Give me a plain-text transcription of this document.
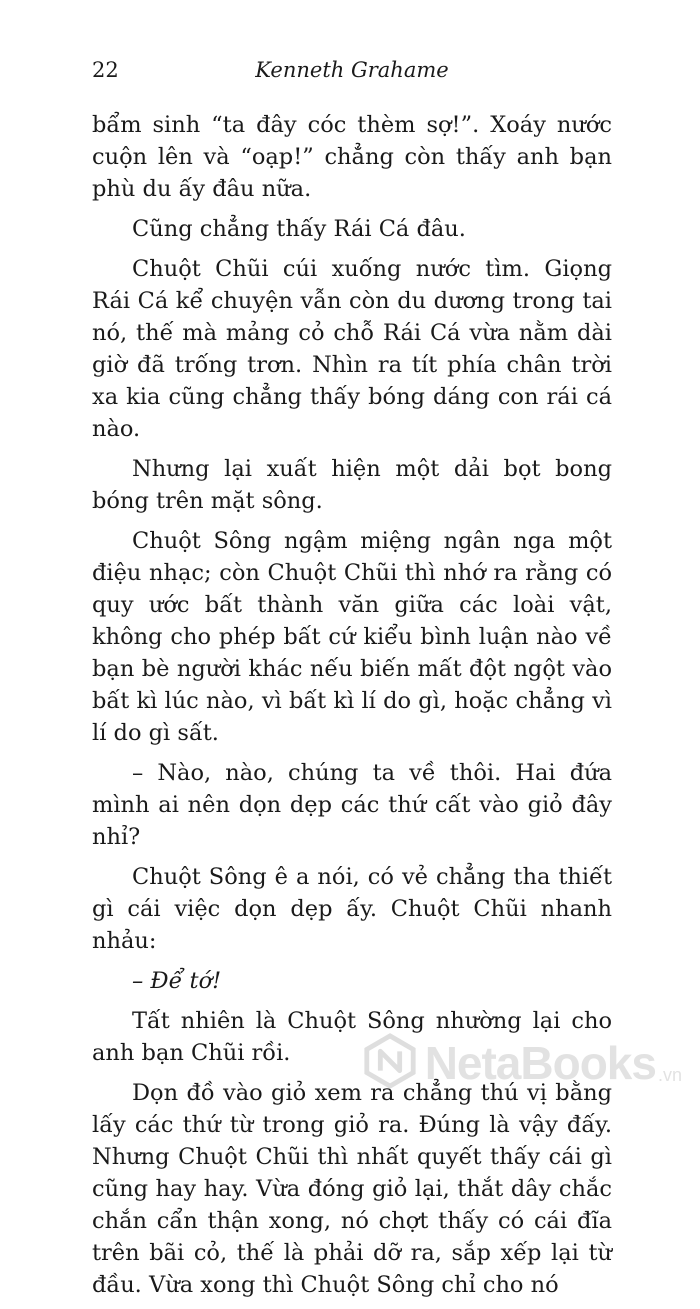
22	Kenneth Grahame

bẩm sinh “ta đây cóc thèm sợ!”. Xoáy nước cuộn lên và “oạp!” chẳng còn thấy anh bạn phù du ấy đâu nữa.

Cũng chẳng thấy Rái Cá đâu.

Chuột Chũi cúi xuống nước tìm. Giọng Rái Cá kể chuyện vẫn còn du dương trong tai nó, thế mà mảng cỏ chỗ Rái Cá vừa nằm dài giờ đã trống trơn. Nhìn ra tít phía chân trời xa kia cũng chẳng thấy bóng dáng con rái cá nào.

Nhưng lại xuất hiện một dải bọt bong bóng trên mặt sông.

Chuột Sông ngậm miệng ngân nga một điệu nhạc; còn Chuột Chũi thì nhớ ra rằng có quy ước bất thành văn giữa các loài vật, không cho phép bất cứ kiểu bình luận nào về bạn bè người khác nếu biến mất đột ngột vào bất kì lúc nào, vì bất kì lí do gì, hoặc chẳng vì lí do gì sất.

– Nào, nào, chúng ta về thôi. Hai đứa mình ai nên dọn dẹp các thứ cất vào giỏ đây nhỉ?

Chuột Sông ê a nói, có vẻ chẳng tha thiết gì cái việc dọn dẹp ấy. Chuột Chũi nhanh nhảu:

– Để tớ!

Tất nhiên là Chuột Sông nhường lại cho anh bạn Chũi rồi.

Dọn đồ vào giỏ xem ra chẳng thú vị bằng lấy các thứ từ trong giỏ ra. Đúng là vậy đấy. Nhưng Chuột Chũi thì nhất quyết thấy cái gì cũng hay hay. Vừa đóng giỏ lại, thắt dây chắc chắn cẩn thận xong, nó chợt thấy có cái đĩa trên bãi cỏ, thế là phải dỡ ra, sắp xếp lại từ đầu. Vừa xong thì Chuột Sông chỉ cho nó

NetaBooks .vn
